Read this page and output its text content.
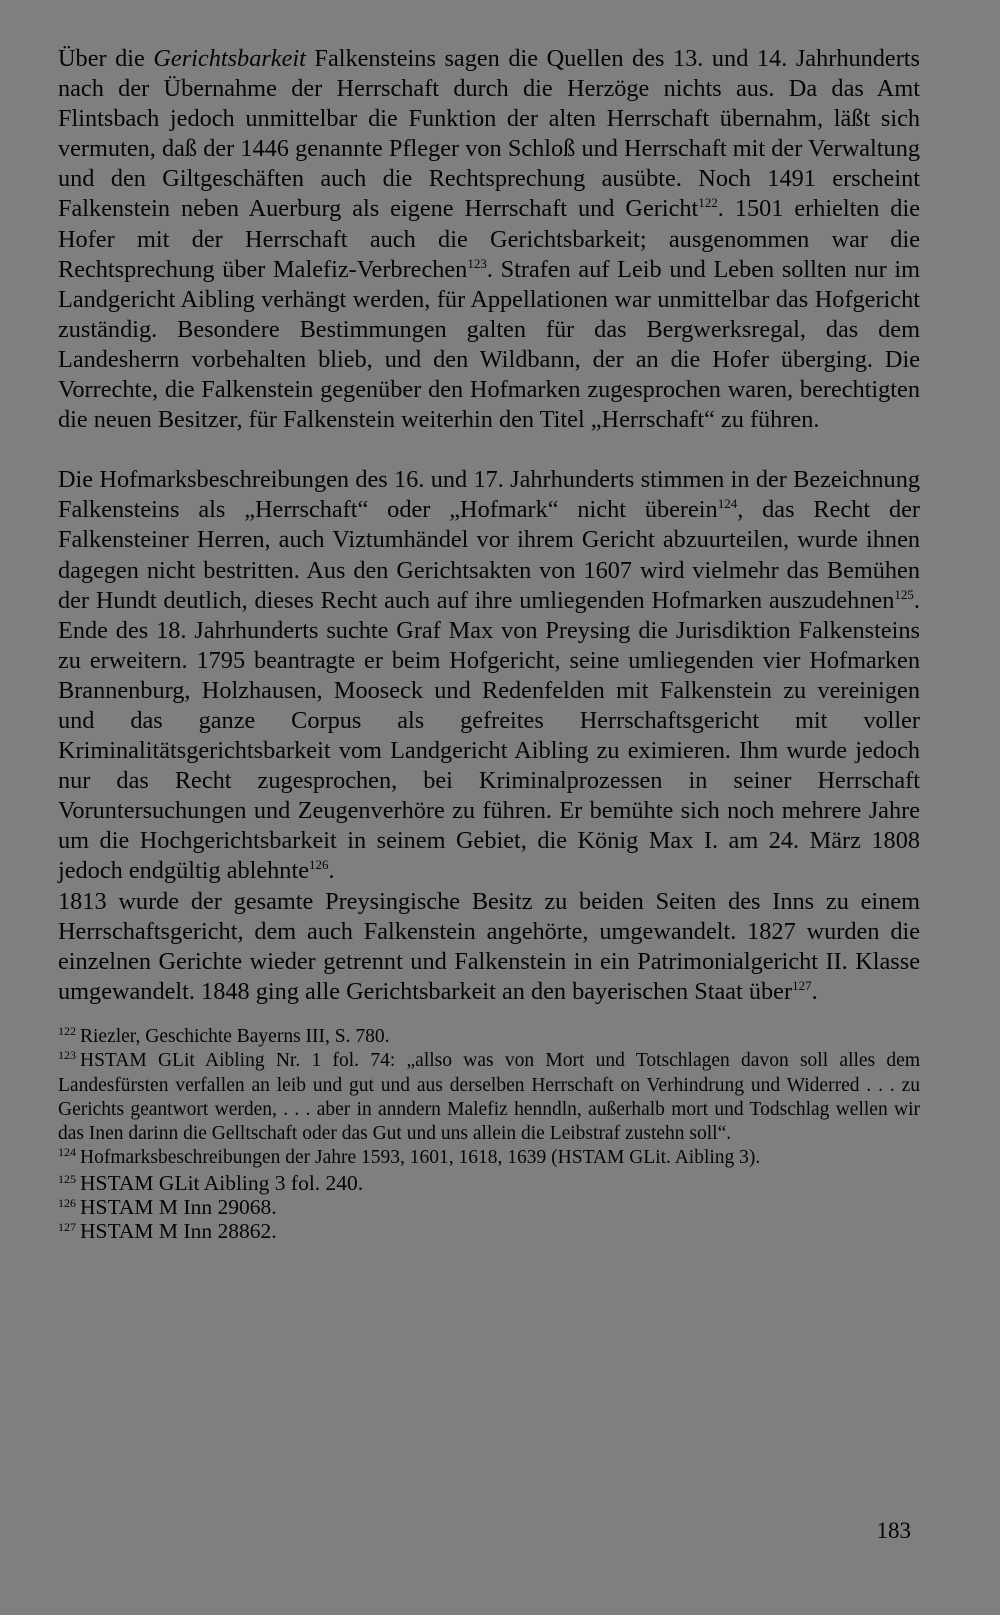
Über die Gerichtsbarkeit Falkensteins sagen die Quellen des 13. und 14. Jahrhunderts nach der Übernahme der Herrschaft durch die Herzöge nichts aus. Da das Amt Flintsbach jedoch unmittelbar die Funktion der alten Herrschaft übernahm, läßt sich vermuten, daß der 1446 genannte Pfleger von Schloß und Herrschaft mit der Verwaltung und den Giltgeschäften auch die Rechtsprechung ausübte. Noch 1491 erscheint Falkenstein neben Auerburg als eigene Herrschaft und Gericht$^{122}$. 1501 erhielten die Hofer mit der Herrschaft auch die Gerichtsbarkeit; ausgenommen war die Rechtsprechung über Malefiz-Verbrechen$^{123}$. Strafen auf Leib und Leben sollten nur im Landgericht Aibling verhängt werden, für Appellationen war unmittelbar das Hofgericht zuständig. Besondere Bestimmungen galten für das Bergwerksregal, das dem Landesherrn vorbehalten blieb, und den Wildbann, der an die Hofer überging. Die Vorrechte, die Falkenstein gegenüber den Hofmarken zugesprochen waren, berechtigten die neuen Besitzer, für Falkenstein weiterhin den Titel „Herrschaft“ zu führen.

Die Hofmarksbeschreibungen des 16. und 17. Jahrhunderts stimmen in der Bezeichnung Falkensteins als „Herrschaft“ oder „Hofmark“ nicht überein$^{124}$, das Recht der Falkensteiner Herren, auch Viztumhändel vor ihrem Gericht abzuurteilen, wurde ihnen dagegen nicht bestritten. Aus den Gerichtsakten von 1607 wird vielmehr das Bemühen der Hundt deutlich, dieses Recht auch auf ihre umliegenden Hofmarken auszudehnen$^{125}$. Ende des 18. Jahrhunderts suchte Graf Max von Preysing die Jurisdiktion Falkensteins zu erweitern. 1795 beantragte er beim Hofgericht, seine umliegenden vier Hofmarken Brannenburg, Holzhausen, Mooseck und Redenfelden mit Falkenstein zu vereinigen und das ganze Corpus als gefreites Herrschaftsgericht mit voller Kriminalitätsgerichtsbarkeit vom Landgericht Aibling zu eximieren. Ihm wurde jedoch nur das Recht zugesprochen, bei Kriminalprozessen in seiner Herrschaft Voruntersuchungen und Zeugenverhöre zu führen. Er bemühte sich noch mehrere Jahre um die Hochgerichtsbarkeit in seinem Gebiet, die König Max I. am 24. März 1808 jedoch endgültig ablehnte$^{126}$.

1813 wurde der gesamte Preysingische Besitz zu beiden Seiten des Inns zu einem Herrschaftsgericht, dem auch Falkenstein angehörte, umgewandelt. 1827 wurden die einzelnen Gerichte wieder getrennt und Falkenstein in ein Patrimonialgericht II. Klasse umgewandelt. 1848 ging alle Gerichtsbarkeit an den bayerischen Staat über$^{127}$.

$^{122}$ Riezler, Geschichte Bayerns III, S. 780.

$^{123}$ HSTAM GLit Aibling Nr. 1 fol. 74: „allso was von Mort und Totschlagen davon soll alles dem Landesfürsten verfallen an leib und gut und aus derselben Herrschaft on Verhindrung und Widerred . . . zu Gerichts geantwort werden, . . . aber in anndern Malefiz henndln, außerhalb mort und Todschlag wellen wir das Inen darinn die Gelltschaft oder das Gut und uns allein die Leibstraf zustehn soll“.

$^{124}$ Hofmarksbeschreibungen der Jahre 1593, 1601, 1618, 1639 (HSTAM GLit. Aibling 3).

$^{125}$ HSTAM GLit Aibling 3 fol. 240.

$^{126}$ HSTAM M Inn 29068.

$^{127}$ HSTAM M Inn 28862.

183
